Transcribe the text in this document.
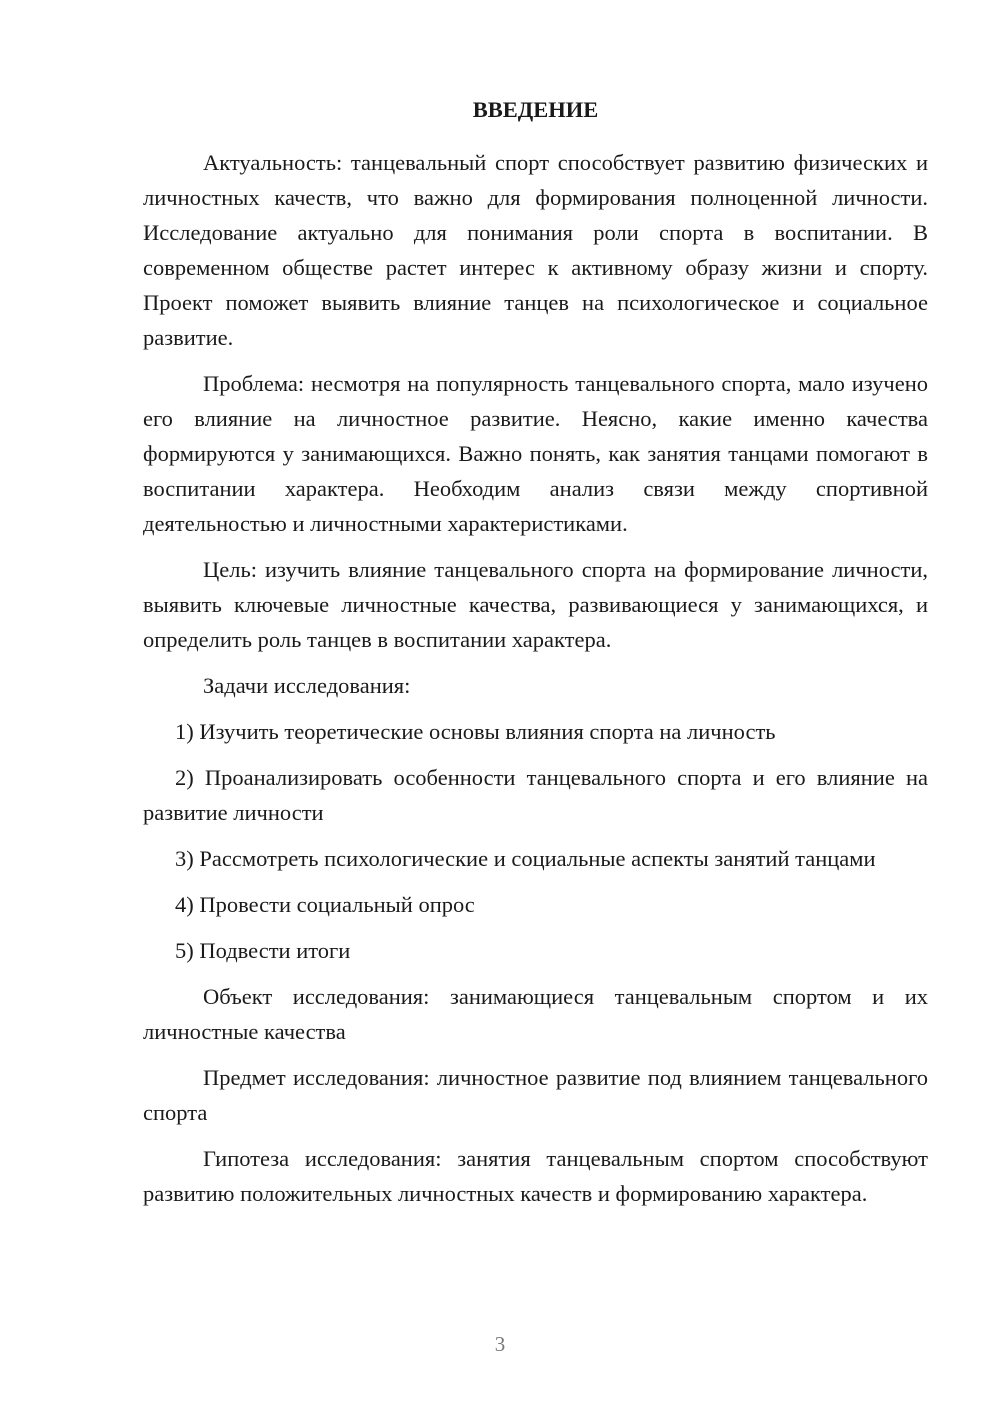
ВВЕДЕНИЕ

Актуальность: танцевальный спорт способствует развитию физических и личностных качеств, что важно для формирования полноценной личности. Исследование актуально для понимания роли спорта в воспитании. В современном обществе растет интерес к активному образу жизни и спорту. Проект поможет выявить влияние танцев на психологическое и социальное развитие.

Проблема: несмотря на популярность танцевального спорта, мало изучено его влияние на личностное развитие. Неясно, какие именно качества формируются у занимающихся. Важно понять, как занятия танцами помогают в воспитании характера. Необходим анализ связи между спортивной деятельностью и личностными характеристиками.

Цель: изучить влияние танцевального спорта на формирование личности, выявить ключевые личностные качества, развивающиеся у занимающихся, и определить роль танцев в воспитании характера.

Задачи исследования:

1) Изучить теоретические основы влияния спорта на личность

2) Проанализировать особенности танцевального спорта и его влияние на развитие личности

3) Рассмотреть психологические и социальные аспекты занятий танцами

4) Провести социальный опрос

5) Подвести итоги

Объект исследования: занимающиеся танцевальным спортом и их личностные качества

Предмет исследования: личностное развитие под влиянием танцевального спорта

Гипотеза исследования: занятия танцевальным спортом способствуют развитию положительных личностных качеств и формированию характера.

3
